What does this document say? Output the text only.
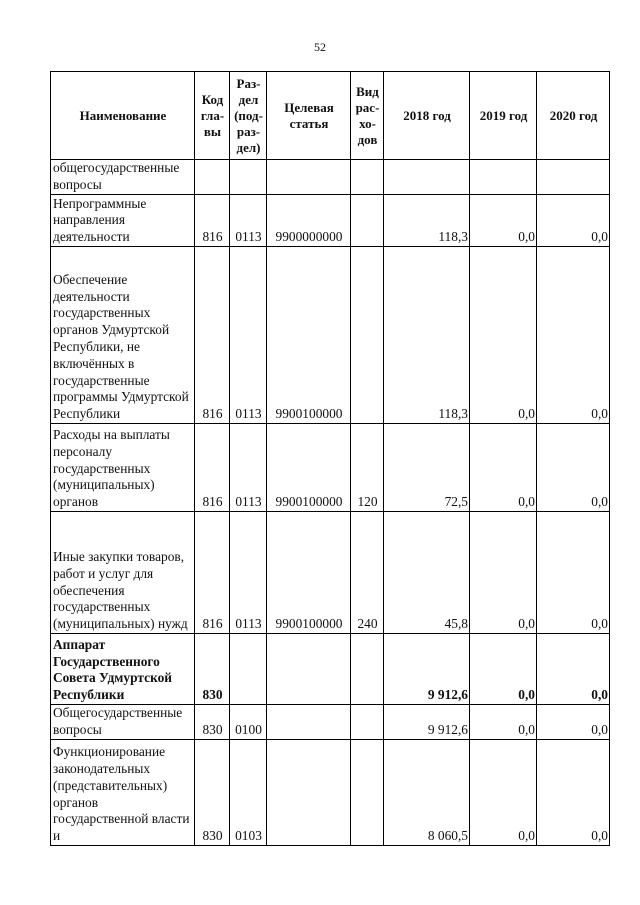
52
Наименование	Код гла- вы	Раз- дел (под- раз- дел)	Целевая статья	Вид рас- хо- дов	2018 год	2019 год	2020 год
общегосударственные вопросы							
Непрограммные направления деятельности	816	0113	9900000000		118,3	0,0	0,0
Обеспечение деятельности государственных органов Удмуртской Республики, не включённых в государственные программы Удмуртской Республики	816	0113	9900100000		118,3	0,0	0,0
Расходы на выплаты персоналу государственных (муниципальных) органов	816	0113	9900100000	120	72,5	0,0	0,0
Иные закупки товаров, работ и услуг для обеспечения государственных (муниципальных) нужд	816	0113	9900100000	240	45,8	0,0	0,0
Аппарат Государственного Совета Удмуртской Республики	830				9 912,6	0,0	0,0
Общегосударственные вопросы	830	0100			9 912,6	0,0	0,0
Функционирование законодательных (представительных) органов государственной власти и	830	0103			8 060,5	0,0	0,0
